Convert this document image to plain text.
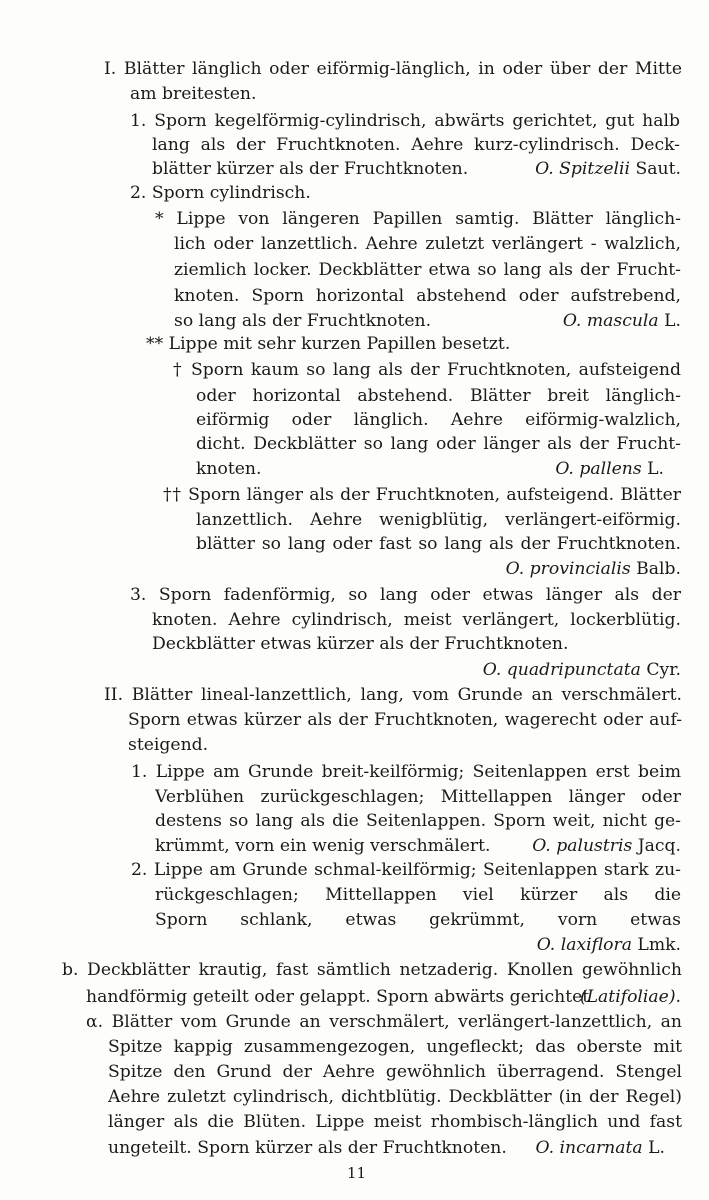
I. Blätter länglich oder eiförmig-länglich, in oder über der Mitte
am breitesten.
1. Sporn kegelförmig-cylindrisch, abwärts gerichtet, gut halb
lang als der Fruchtknoten. Aehre kurz-cylindrisch. Deck-
blätter kürzer als der Fruchtknoten.
2. Sporn cylindrisch.
* Lippe von längeren Papillen samtig. Blätter länglich-
lich oder lanzettlich. Aehre zuletzt verlängert - walzlich,
ziemlich locker. Deckblätter etwa so lang als der Frucht-
knoten. Sporn horizontal abstehend oder aufstrebend,
so lang als der Fruchtknoten.
** Lippe mit sehr kurzen Papillen besetzt.
† Sporn kaum so lang als der Fruchtknoten, aufsteigend
oder horizontal abstehend. Blätter breit länglich-
eiförmig oder länglich. Aehre eiförmig-walzlich,
dicht. Deckblätter so lang oder länger als der Frucht-
knoten.
†† Sporn länger als der Fruchtknoten, aufsteigend. Blätter
lanzettlich. Aehre wenigblütig, verlängert-eiförmig.
blätter so lang oder fast so lang als der Fruchtknoten.
3. Sporn fadenförmig, so lang oder etwas länger als der
knoten. Aehre cylindrisch, meist verlängert, lockerblütig.
Deckblätter etwas kürzer als der Fruchtknoten.
II. Blätter lineal-lanzettlich, lang, vom Grunde an verschmälert.
Sporn etwas kürzer als der Fruchtknoten, wagerecht oder auf-
steigend.
1. Lippe am Grunde breit-keilförmig; Seitenlappen erst beim
Verblühen zurückgeschlagen; Mittellappen länger oder
destens so lang als die Seitenlappen. Sporn weit, nicht ge-
krümmt, vorn ein wenig verschmälert.
2. Lippe am Grunde schmal-keilförmig; Seitenlappen stark zu-
rückgeschlagen; Mittellappen viel kürzer als die
Sporn schlank, etwas gekrümmt, vorn etwas
b. Deckblätter krautig, fast sämtlich netzaderig. Knollen gewöhnlich
handförmig geteilt oder gelappt. Sporn abwärts gerichtet
α. Blätter vom Grunde an verschmälert, verlängert-lanzettlich, an
Spitze kappig zusammengezogen, ungefleckt; das oberste mit
Spitze den Grund der Aehre gewöhnlich überragend. Stengel
Aehre zuletzt cylindrisch, dichtblütig. Deckblätter (in der Regel)
länger als die Blüten. Lippe meist rhombisch-länglich und fast
ungeteilt. Sporn kürzer als der Fruchtknoten.
O. Spitzelii Saut.
O. mascula L.
O. pallens L.
O. provincialis Balb.
O. quadripunctata Cyr.
O. palustris Jacq.
O. laxiflora Lmk.
(Latifoliae).
O. incarnata L.
11
